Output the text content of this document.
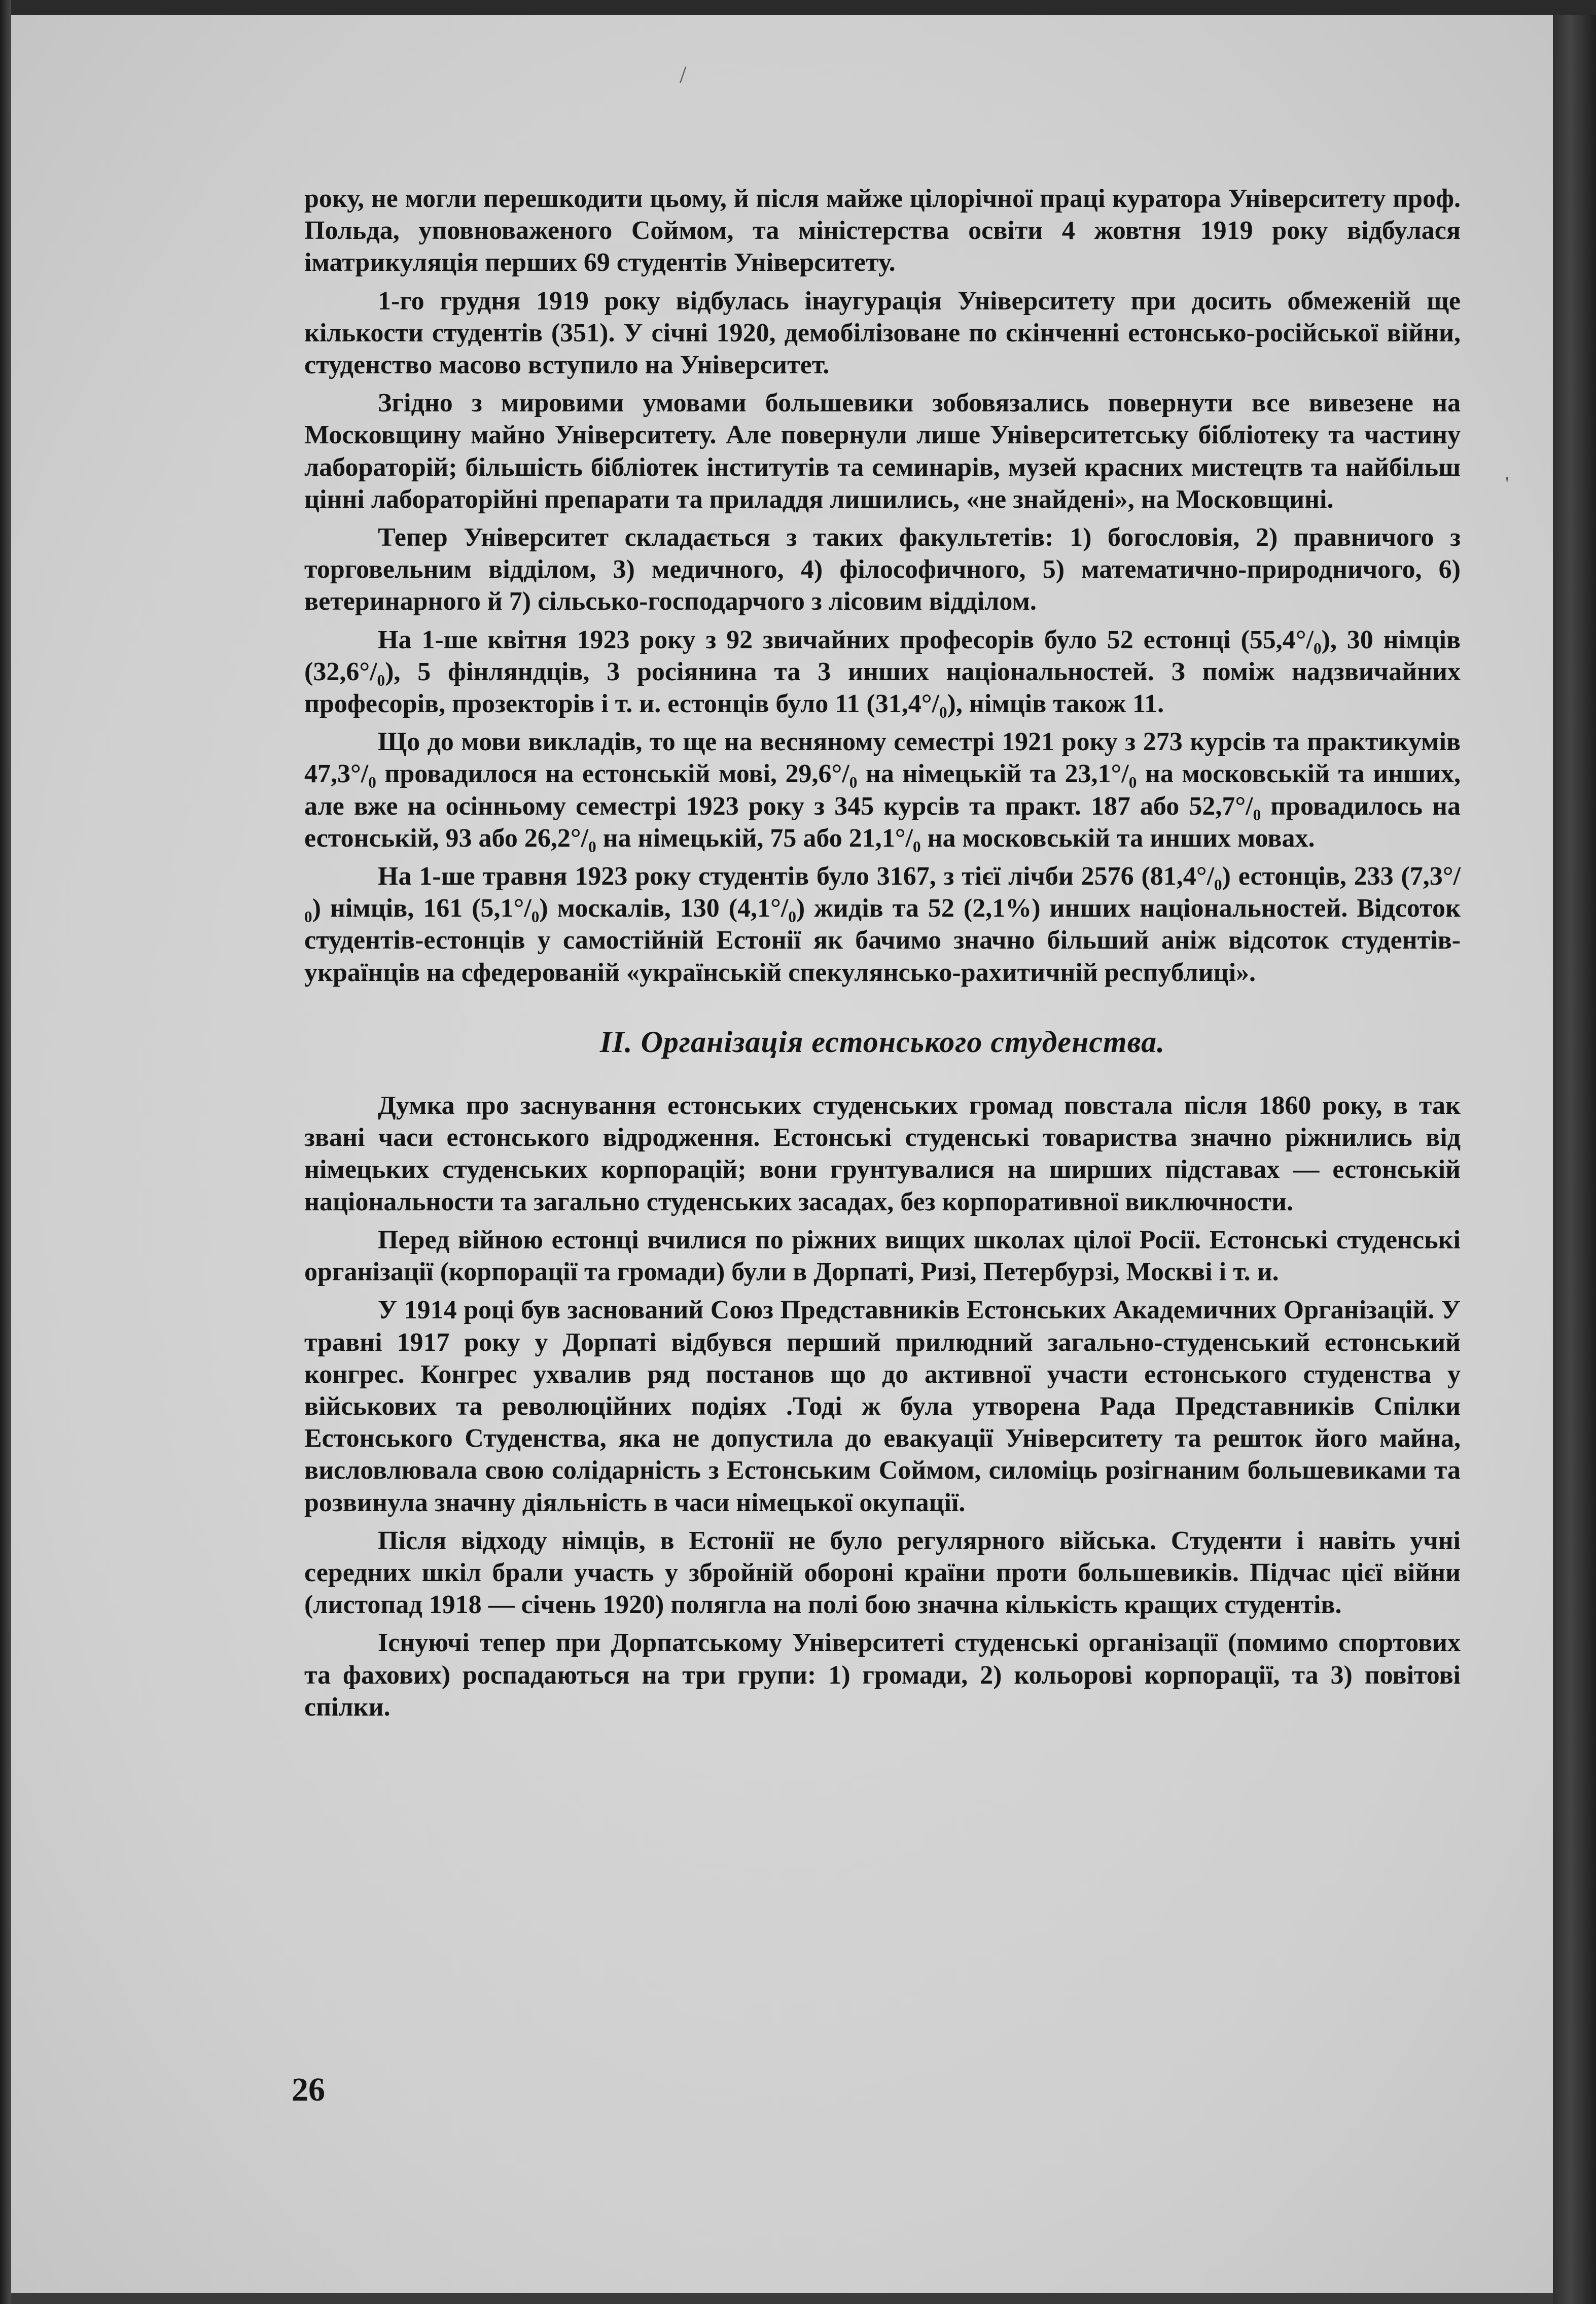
/
'

року, не могли перешкодити цьому, й після майже цілорічної праці куратора Університету проф. Польда, уповноваженого Соймом, та міністерства освіти 4 жовтня 1919 року відбулася іматрикуляція перших 69 студентів Університету.

1-го грудня 1919 року відбулась інаугурація Університету при досить обмеженій ще кількости студентів (351). У січні 1920, демобілізоване по скінченні естонсько-російської війни, студенство масово вступило на Університет.

Згідно з мировими умовами большевики зобовязались повернути все вивезене на Московщину майно Університету. Але повернули лише Університетську бібліотеку та частину лабораторій; більшість бібліотек інститутів та семинарів, музей красних мистецтв та найбільш цінні лабораторійні препарати та приладдя лишились, «не знайдені», на Московщині.

Тепер Університет складається з таких факультетів: 1) богословія, 2) правничого з торговельним відділом, 3) медичного, 4) філософичного, 5) математично-природничого, 6) ветеринарного й 7) сільсько-господарчого з лісовим відділом.

На 1-ше квітня 1923 року з 92 звичайних професорів було 52 естонці (55,4°/₀), 30 німців (32,6°/₀), 5 фінляндців, 3 росіянина та 3 инших національностей. З поміж надзвичайних професорів, прозекторів і т. и. естонців було 11 (31,4°/₀), німців також 11.

Що до мови викладів, то ще на весняному семестрі 1921 року з 273 курсів та практикумів 47,3°/₀ провадилося на естонській мові, 29,6°/₀ на німецькій та 23,1°/₀ на московській та инших, але вже на осінньому семестрі 1923 року з 345 курсів та практ. 187 або 52,7°/₀ провадилось на естонській, 93 або 26,2°/₀ на німецькій, 75 або 21,1°/₀ на московській та инших мовах.

На 1-ше травня 1923 року студентів було 3167, з тієї лічби 2576 (81,4°/₀) естонців, 233 (7,3°/₀) німців, 161 (5,1°/₀) москалів, 130 (4,1°/₀) жидів та 52 (2,1%) инших національностей. Відсоток студентів-естонців у самостійній Естонії як бачимо значно більший аніж відсоток студентів-українців на сфедерованій «українській спекулянсько-рахитичній республиці».

II. Організація естонського студенства.

Думка про заснування естонських студенських громад повстала після 1860 року, в так звані часи естонського відродження. Естонські студенські товариства значно ріжнились від німецьких студенських корпорацій; вони грунтувалися на ширших підставах — естонській національности та загально студенських засадах, без корпоративної виключности.

Перед війною естонці вчилися по ріжних вищих школах цілої Росії. Естонські студенські організації (корпорації та громади) були в Дорпаті, Ризі, Петербурзі, Москві і т. и.

У 1914 році був заснований Союз Представників Естонських Академичних Організацій. У травні 1917 року у Дорпаті відбувся перший прилюдний загально-студенський естонський конгрес. Конгрес ухвалив ряд постанов що до активної участи естонського студенства у військових та революційних подіях .Тоді ж була утворена Рада Представників Спілки Естонського Студенства, яка не допустила до евакуації Університету та решток його майна, висловлювала свою солідарність з Естонським Соймом, силоміць розігнаним большевиками та розвинула значну діяльність в часи німецької окупації.

Після відходу німців, в Естонії не було регулярного війська. Студенти і навіть учні середних шкіл брали участь у збройній обороні країни проти большевиків. Підчас цієї війни (листопад 1918 — січень 1920) полягла на полі бою значна кількість кращих студентів.

Існуючі тепер при Дорпатському Університеті студенські організації (помимо спортових та фахових) роспадаються на три групи: 1) громади, 2) кольорові корпорації, та 3) повітові спілки.

26
